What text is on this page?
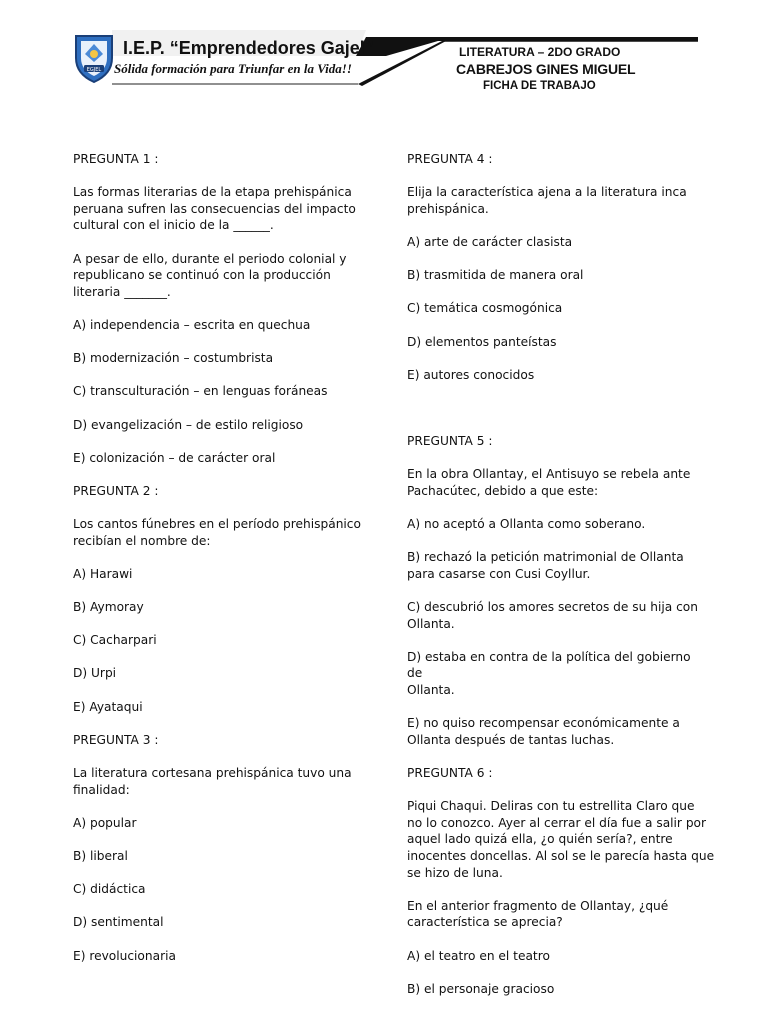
EGJEL
I.E.P. “Emprendedores Gajel”
Sólida formación para Triunfar en la Vida!!
LITERATURA – 2DO GRADO
CABREJOS GINES MIGUEL
FICHA DE TRABAJO
PREGUNTA 1 :
Las formas literarias de la etapa prehispánica
peruana sufren las consecuencias del impacto
cultural con el inicio de la ______.
A pesar de ello, durante el periodo colonial y
republicano se continuó con la producción
literaria _______.
A) independencia – escrita en quechua
B) modernización – costumbrista
C) transculturación – en lenguas foráneas
D) evangelización – de estilo religioso
E) colonización – de carácter oral
PREGUNTA 2 :
Los cantos fúnebres en el período prehispánico
recibían el nombre de:
A) Harawi
B) Aymoray
C) Cacharpari
D) Urpi
E) Ayataqui
PREGUNTA 3 :
La literatura cortesana prehispánica tuvo una
finalidad:
A) popular
B) liberal
C) didáctica
D) sentimental
E) revolucionaria
PREGUNTA 4 :
Elija la característica ajena a la literatura inca
prehispánica.
A) arte de carácter clasista
B) trasmitida de manera oral
C) temática cosmogónica
D) elementos panteístas
E) autores conocidos
PREGUNTA 5 :
En la obra Ollantay, el Antisuyo se rebela ante
Pachacútec, debido a que este:
A) no aceptó a Ollanta como soberano.
B) rechazó la petición matrimonial de Ollanta
para casarse con Cusi Coyllur.
C) descubrió los amores secretos de su hija con
Ollanta.
D) estaba en contra de la política del gobierno de
Ollanta.
E) no quiso recompensar económicamente a
Ollanta después de tantas luchas.
PREGUNTA 6 :
Piqui Chaqui. Deliras con tu estrellita Claro que
no lo conozco. Ayer al cerrar el día fue a salir por
aquel lado quizá ella, ¿o quién sería?, entre
inocentes doncellas. Al sol se le parecía hasta que
se hizo de luna.
En el anterior fragmento de Ollantay, ¿qué
característica se aprecia?
A) el teatro en el teatro
B) el personaje gracioso
